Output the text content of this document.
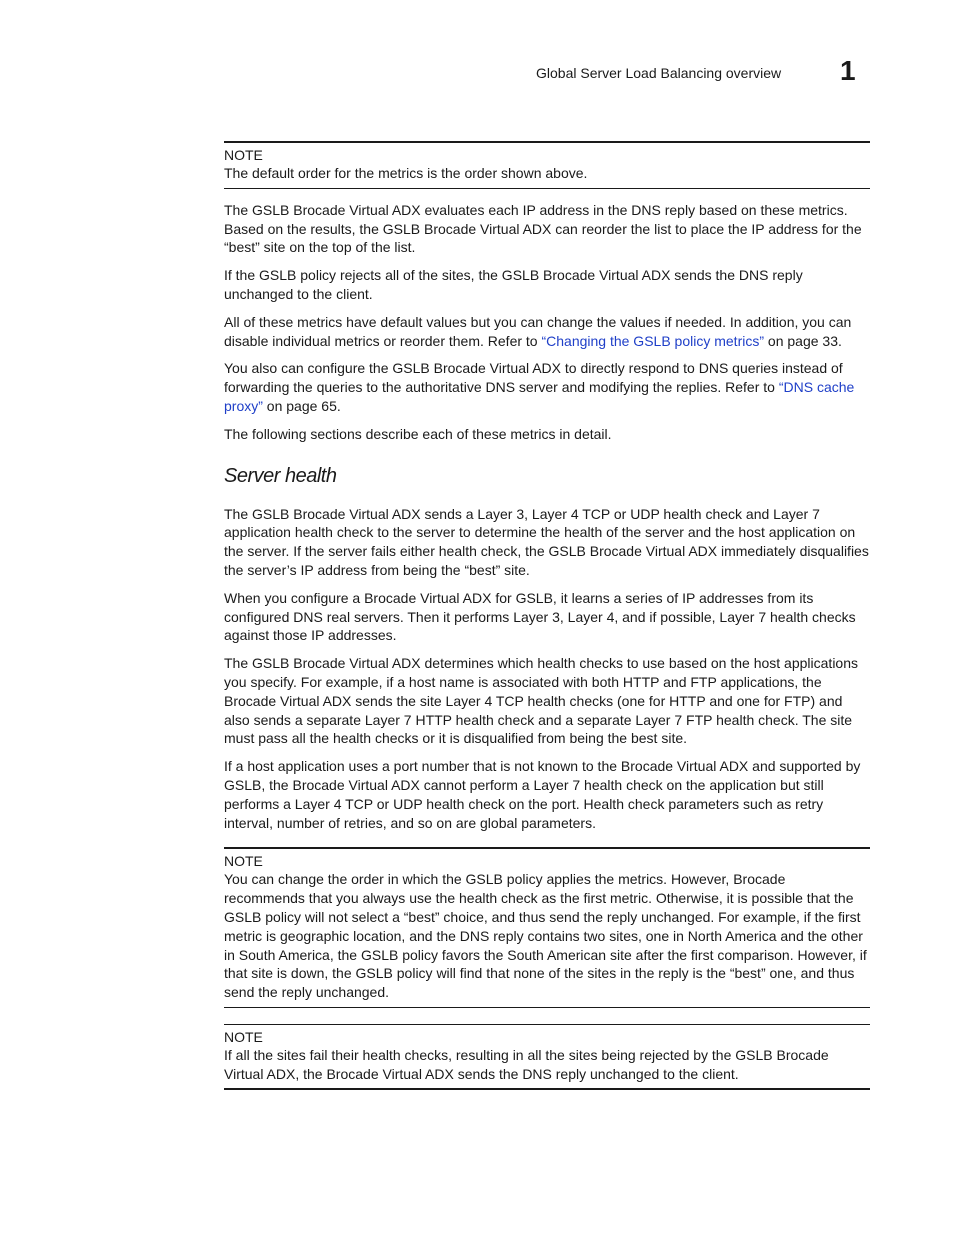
Global Server Load Balancing overview 1
NOTE

The default order for the metrics is the order shown above.

The GSLB Brocade Virtual ADX evaluates each IP address in the DNS reply based on these metrics. Based on the results, the GSLB Brocade Virtual ADX can reorder the list to place the IP address for the “best” site on the top of the list.

If the GSLB policy rejects all of the sites, the GSLB Brocade Virtual ADX sends the DNS reply unchanged to the client.

All of these metrics have default values but you can change the values if needed. In addition, you can disable individual metrics or reorder them. Refer to “Changing the GSLB policy metrics” on page 33.

You also can configure the GSLB Brocade Virtual ADX to directly respond to DNS queries instead of forwarding the queries to the authoritative DNS server and modifying the replies. Refer to “DNS cache proxy” on page 65.

The following sections describe each of these metrics in detail.

Server health

The GSLB Brocade Virtual ADX sends a Layer 3, Layer 4 TCP or UDP health check and Layer 7 application health check to the server to determine the health of the server and the host application on the server. If the server fails either health check, the GSLB Brocade Virtual ADX immediately disqualifies the server’s IP address from being the “best” site.

When you configure a Brocade Virtual ADX for GSLB, it learns a series of IP addresses from its configured DNS real servers. Then it performs Layer 3, Layer 4, and if possible, Layer 7 health checks against those IP addresses.

The GSLB Brocade Virtual ADX determines which health checks to use based on the host applications you specify. For example, if a host name is associated with both HTTP and FTP applications, the Brocade Virtual ADX sends the site Layer 4 TCP health checks (one for HTTP and one for FTP) and also sends a separate Layer 7 HTTP health check and a separate Layer 7 FTP health check. The site must pass all the health checks or it is disqualified from being the best site.

If a host application uses a port number that is not known to the Brocade Virtual ADX and supported by GSLB, the Brocade Virtual ADX cannot perform a Layer 7 health check on the application but still performs a Layer 4 TCP or UDP health check on the port. Health check parameters such as retry interval, number of retries, and so on are global parameters.

NOTE

You can change the order in which the GSLB policy applies the metrics. However, Brocade recommends that you always use the health check as the first metric. Otherwise, it is possible that the GSLB policy will not select a “best” choice, and thus send the reply unchanged. For example, if the first metric is geographic location, and the DNS reply contains two sites, one in North America and the other in South America, the GSLB policy favors the South American site after the first comparison. However, if that site is down, the GSLB policy will find that none of the sites in the reply is the “best” one, and thus send the reply unchanged.

NOTE

If all the sites fail their health checks, resulting in all the sites being rejected by the GSLB Brocade Virtual ADX, the Brocade Virtual ADX sends the DNS reply unchanged to the client.
